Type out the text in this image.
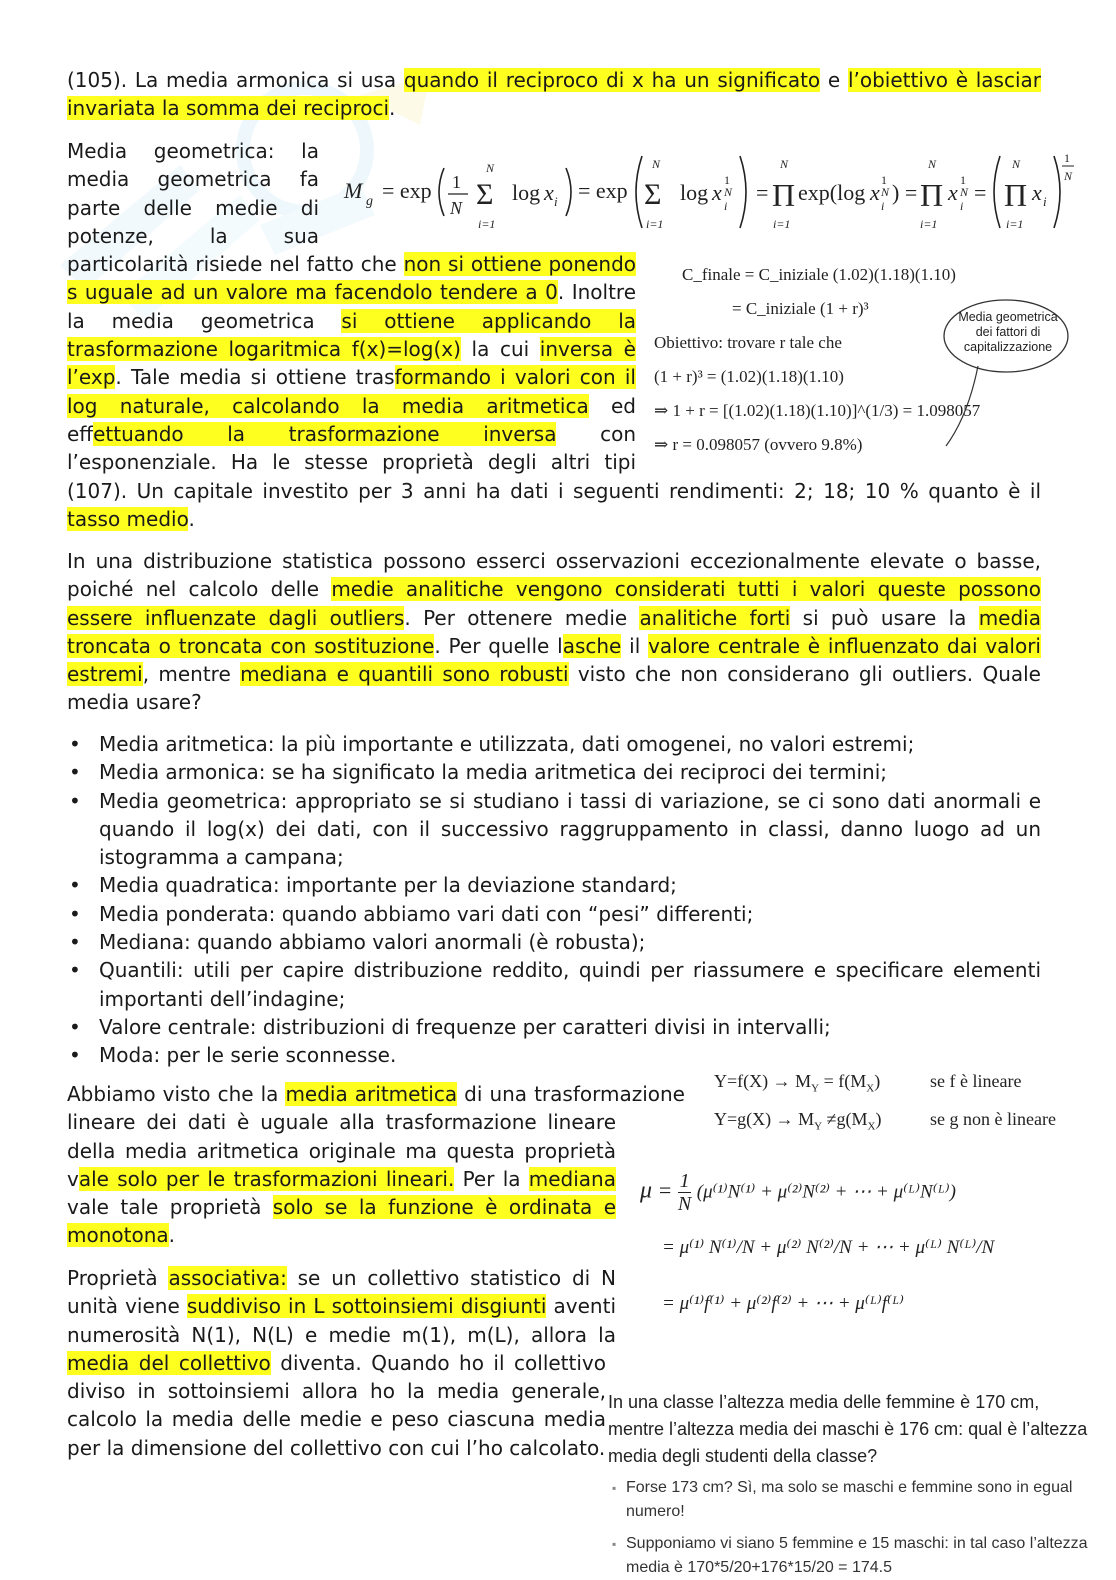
(105). La media armonica si usa quando il reciproco di x ha un significato e l’obiettivo è lasciar invariata la somma dei reciproci.
M g = exp 1
N Σ log x i = exp Σ log x 1
N
i
= Π exp(log x 1
N
i
) = Π x 1
N
i
= Π x i
1
N
i=1	i=1	i=1	i=1	i=1
N	N	N	N	N
Media geometrica: la media geometrica fa parte delle medie di potenze, la sua particolarità risiede nel fatto che non si ottiene ponendo s uguale ad un valore ma facendolo tendere a 0. Inoltre la media geometrica si ottiene applicando la trasformazione logaritmica f(x)=log(x) la cui inversa è l’exp. Tale media si ottiene trasformando i valori con il log naturale, calcolando la media aritmetica ed effettuando la trasformazione inversa con l’esponenziale. Ha le stesse proprietà degli altri tipi (107). Un capitale investito per 3 anni ha dati i seguenti rendimenti: 2; 18; 10 % quanto è il tasso medio.
C_finale = C_iniziale (1.02)(1.18)(1.10)
= C_iniziale (1 + r)³
Obiettivo: trovare r tale che
(1 + r)³ = (1.02)(1.18)(1.10)
⇒ 1 + r = [(1.02)(1.18)(1.10)]^(1/3) = 1.098057
⇒ r = 0.098057 (ovvero 9.8%)
Media geometrica dei fattori di capitalizzazione
In una distribuzione statistica possono esserci osservazioni eccezionalmente elevate o basse, poiché nel calcolo delle medie analitiche vengono considerati tutti i valori queste possono essere influenzate dagli outliers. Per ottenere medie analitiche forti si può usare la media troncata o troncata con sostituzione. Per quelle lasche il valore centrale è influenzato dai valori estremi, mentre mediana e quantili sono robusti visto che non considerano gli outliers. Quale media usare?
• Media aritmetica: la più importante e utilizzata, dati omogenei, no valori estremi;
• Media armonica: se ha significato la media aritmetica dei reciproci dei termini;
• Media geometrica: appropriato se si studiano i tassi di variazione, se ci sono dati anormali e quando il log(x) dei dati, con il successivo raggruppamento in classi, danno luogo ad un istogramma a campana;
• Media quadratica: importante per la deviazione standard;
• Media ponderata: quando abbiamo vari dati con “pesi” differenti;
• Mediana: quando abbiamo valori anormali (è robusta);
• Quantili: utili per capire distribuzione reddito, quindi per riassumere e specificare elementi importanti dell’indagine;
• Valore centrale: distribuzioni di frequenze per caratteri divisi in intervalli;
• Moda: per le serie sconnesse.
$Y=f(X) \to M_Y = f(M_X)$	se f è lineare
$Y=g(X) \to M_Y \ne g(M_X)$	se g non è lineare
Abbiamo visto che la media aritmetica di una trasformazione lineare dei dati è uguale alla trasformazione lineare della media aritmetica originale ma questa proprietà vale solo per le trasformazioni lineari. Per la mediana vale tale proprietà solo se la funzione è ordinata e monotona.
$\mu = \frac{1}{N} (\mu^{(1)}N^{(1)} + \mu^{(2)}N^{(2)}$ + ⋯ + μ⁽ᴸ⁾N⁽ᴸ⁾)
= μ⁽¹⁾ N⁽¹⁾/N + μ⁽²⁾ N⁽²⁾/N + ⋯ + μ⁽ᴸ⁾ N⁽ᴸ⁾/N
= μ⁽¹⁾f⁽¹⁾ + μ⁽²⁾f⁽²⁾ + ⋯ + μ⁽ᴸ⁾f⁽ᴸ⁾
Proprietà associativa: se un collettivo statistico di N unità viene suddiviso in L sottoinsiemi disgiunti aventi numerosità N(1), N(L) e medie m(1), m(L), allora la media del collettivo diventa. Quando ho il collettivo diviso in sottoinsiemi allora ho la media generale, calcolo la media delle medie e peso ciascuna media per la dimensione del collettivo con cui l’ho calcolato.

In una classe l’altezza media delle femmine è 170 cm, mentre l’altezza media dei maschi è 176 cm: qual è l’altezza media degli studenti della classe?

▪ Forse 173 cm? Sì, ma solo se maschi e femmine sono in egual numero!
▪ Supponiamo vi siano 5 femmine e 15 maschi: in tal caso l’altezza media è 170*5/20+176*15/20 = 174.5
